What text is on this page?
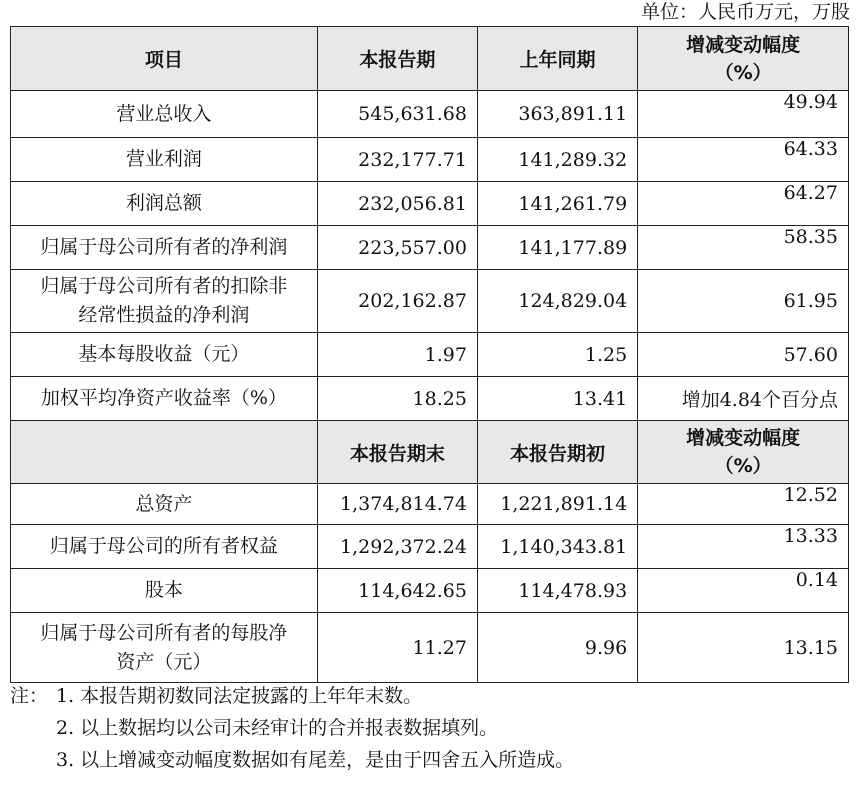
单位：人民币万元，万股
项目	本报告期	上年同期	增减变动幅度
（%）
营业总收入	545,631.68	363,891.11	49.94
营业利润	232,177.71	141,289.32	64.33
利润总额	232,056.81	141,261.79	64.27
归属于母公司所有者的净利润	223,557.00	141,177.89	58.35
归属于母公司所有者的扣除非
经常性损益的净利润	202,162.87	124,829.04	61.95
基本每股收益（元）	1.97	1.25	57.60
加权平均净资产收益率（%）	18.25	13.41	增加4.84个百分点
	本报告期末	本报告期初	增减变动幅度
（%）
总资产	1,374,814.74	1,221,891.14	12.52
归属于母公司的所有者权益	1,292,372.24	1,140,343.81	13.33
股本	114,642.65	114,478.93	0.14
归属于母公司所有者的每股净
资产（元）	11.27	9.96	13.15
注： 1. 本报告期初数同法定披露的上年年末数。
2. 以上数据均以公司未经审计的合并报表数据填列。
3. 以上增减变动幅度数据如有尾差，是由于四舍五入所造成。
